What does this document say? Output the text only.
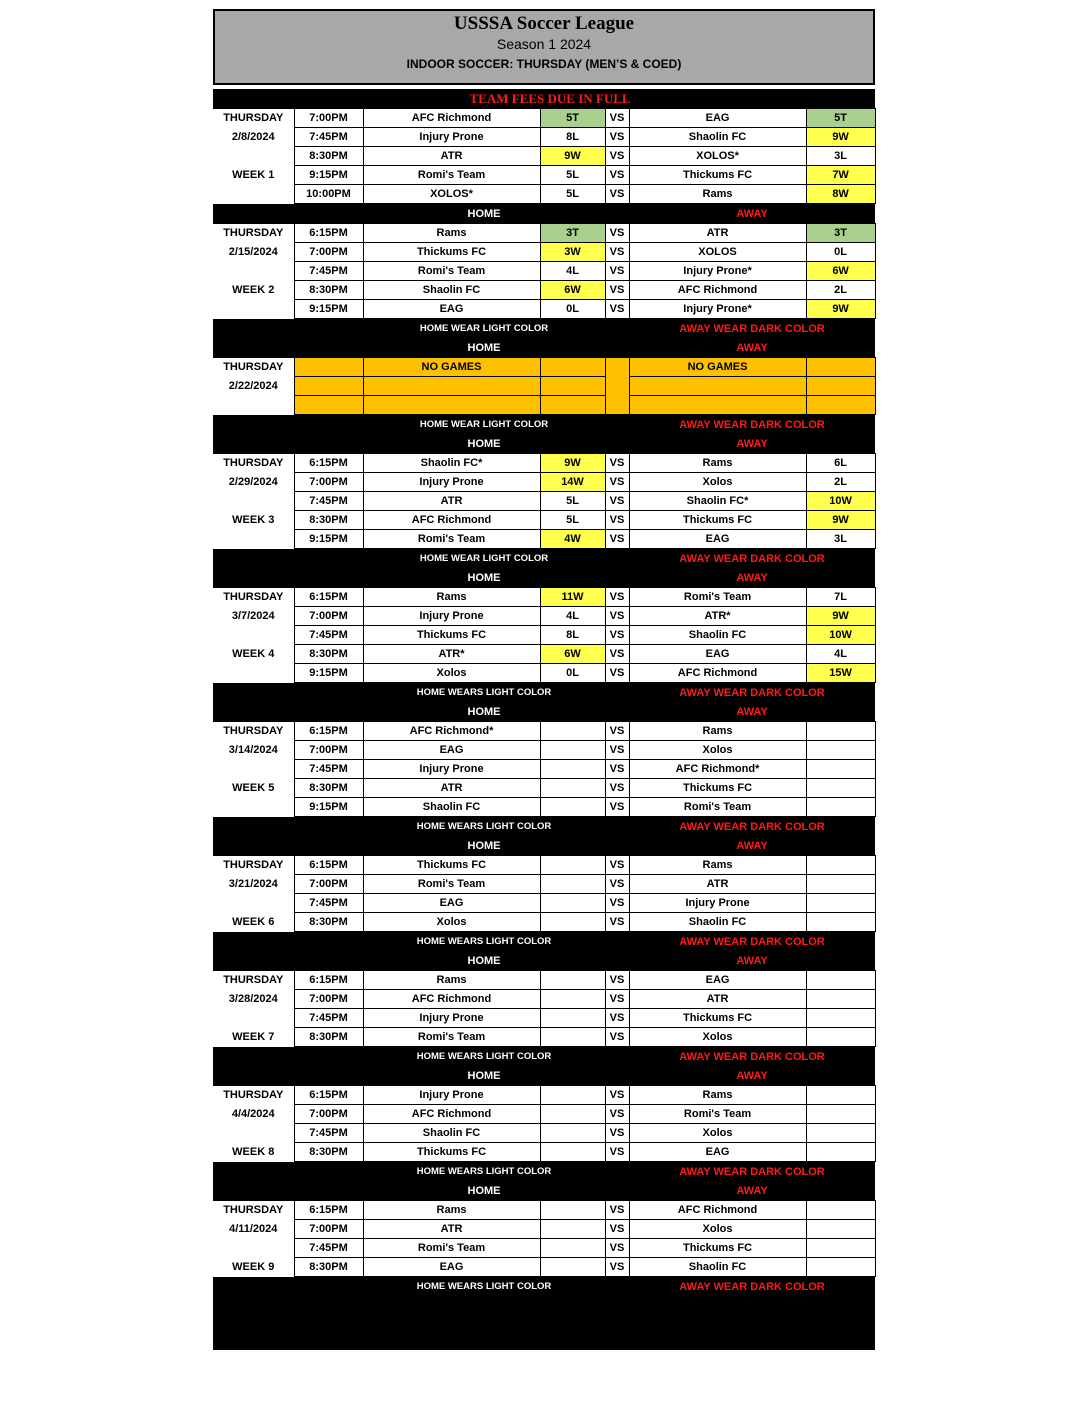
USSSA Soccer League
Season 1 2024
INDOOR SOCCER: THURSDAY (MEN’S & COED)
	TEAM FEES DUE IN FULL					
THURSDAY	7:00PM	AFC Richmond	5T	VS	EAG	5T
2/8/2024	7:45PM	Injury Prone	8L	VS	Shaolin FC	9W
	8:30PM	ATR	9W	VS	XOLOS*	3L
WEEK 1	9:15PM	Romi's Team	5L	VS	Thickums FC	7W
	10:00PM	XOLOS*	5L	VS	Rams	8W
		HOME			AWAY	
THURSDAY	6:15PM	Rams	3T	VS	ATR	3T
2/15/2024	7:00PM	Thickums FC	3W	VS	XOLOS	0L
	7:45PM	Romi's Team	4L	VS	Injury Prone*	6W
WEEK 2	8:30PM	Shaolin FC	6W	VS	AFC Richmond	2L
	9:15PM	EAG	0L	VS	Injury Prone*	9W
		HOME WEAR LIGHT COLOR			AWAY WEAR DARK COLOR	
		HOME			AWAY	
THURSDAY		NO GAMES			NO GAMES	
2/22/2024						

		HOME WEAR LIGHT COLOR			AWAY WEAR DARK COLOR	
		HOME			AWAY	
THURSDAY	6:15PM	Shaolin FC*	9W	VS	Rams	6L
2/29/2024	7:00PM	Injury Prone	14W	VS	Xolos	2L
	7:45PM	ATR	5L	VS	Shaolin FC*	10W
WEEK 3	8:30PM	AFC Richmond	5L	VS	Thickums FC	9W
	9:15PM	Romi's Team	4W	VS	EAG	3L
		HOME WEAR LIGHT COLOR			AWAY WEAR DARK COLOR	
		HOME			AWAY	
THURSDAY	6:15PM	Rams	11W	VS	Romi's Team	7L
3/7/2024	7:00PM	Injury Prone	4L	VS	ATR*	9W
	7:45PM	Thickums FC	8L	VS	Shaolin FC	10W
WEEK 4	8:30PM	ATR*	6W	VS	EAG	4L
	9:15PM	Xolos	0L	VS	AFC Richmond	15W
		HOME WEARS LIGHT COLOR			AWAY WEAR DARK COLOR	
		HOME			AWAY	
THURSDAY	6:15PM	AFC Richmond*		VS	Rams	
3/14/2024	7:00PM	EAG		VS	Xolos	
	7:45PM	Injury Prone		VS	AFC Richmond*	
WEEK 5	8:30PM	ATR		VS	Thickums FC	
	9:15PM	Shaolin FC		VS	Romi's Team	
		HOME WEARS LIGHT COLOR			AWAY WEAR DARK COLOR	
		HOME			AWAY	
THURSDAY	6:15PM	Thickums FC		VS	Rams	
3/21/2024	7:00PM	Romi's Team		VS	ATR	
	7:45PM	EAG		VS	Injury Prone	
WEEK 6	8:30PM	Xolos		VS	Shaolin FC	
		HOME WEARS LIGHT COLOR			AWAY WEAR DARK COLOR	
		HOME			AWAY	
THURSDAY	6:15PM	Rams		VS	EAG	
3/28/2024	7:00PM	AFC Richmond		VS	ATR	
	7:45PM	Injury Prone		VS	Thickums FC	
WEEK 7	8:30PM	Romi's Team		VS	Xolos	
		HOME WEARS LIGHT COLOR			AWAY WEAR DARK COLOR	
		HOME			AWAY	
THURSDAY	6:15PM	Injury Prone		VS	Rams	
4/4/2024	7:00PM	AFC Richmond		VS	Romi's Team	
	7:45PM	Shaolin FC		VS	Xolos	
WEEK 8	8:30PM	Thickums FC		VS	EAG	
		HOME WEARS LIGHT COLOR			AWAY WEAR DARK COLOR	
		HOME			AWAY	
THURSDAY	6:15PM	Rams		VS	AFC Richmond	
4/11/2024	7:00PM	ATR		VS	Xolos	
	7:45PM	Romi's Team		VS	Thickums FC	
WEEK 9	8:30PM	EAG		VS	Shaolin FC	
		HOME WEARS LIGHT COLOR			AWAY WEAR DARK COLOR	
